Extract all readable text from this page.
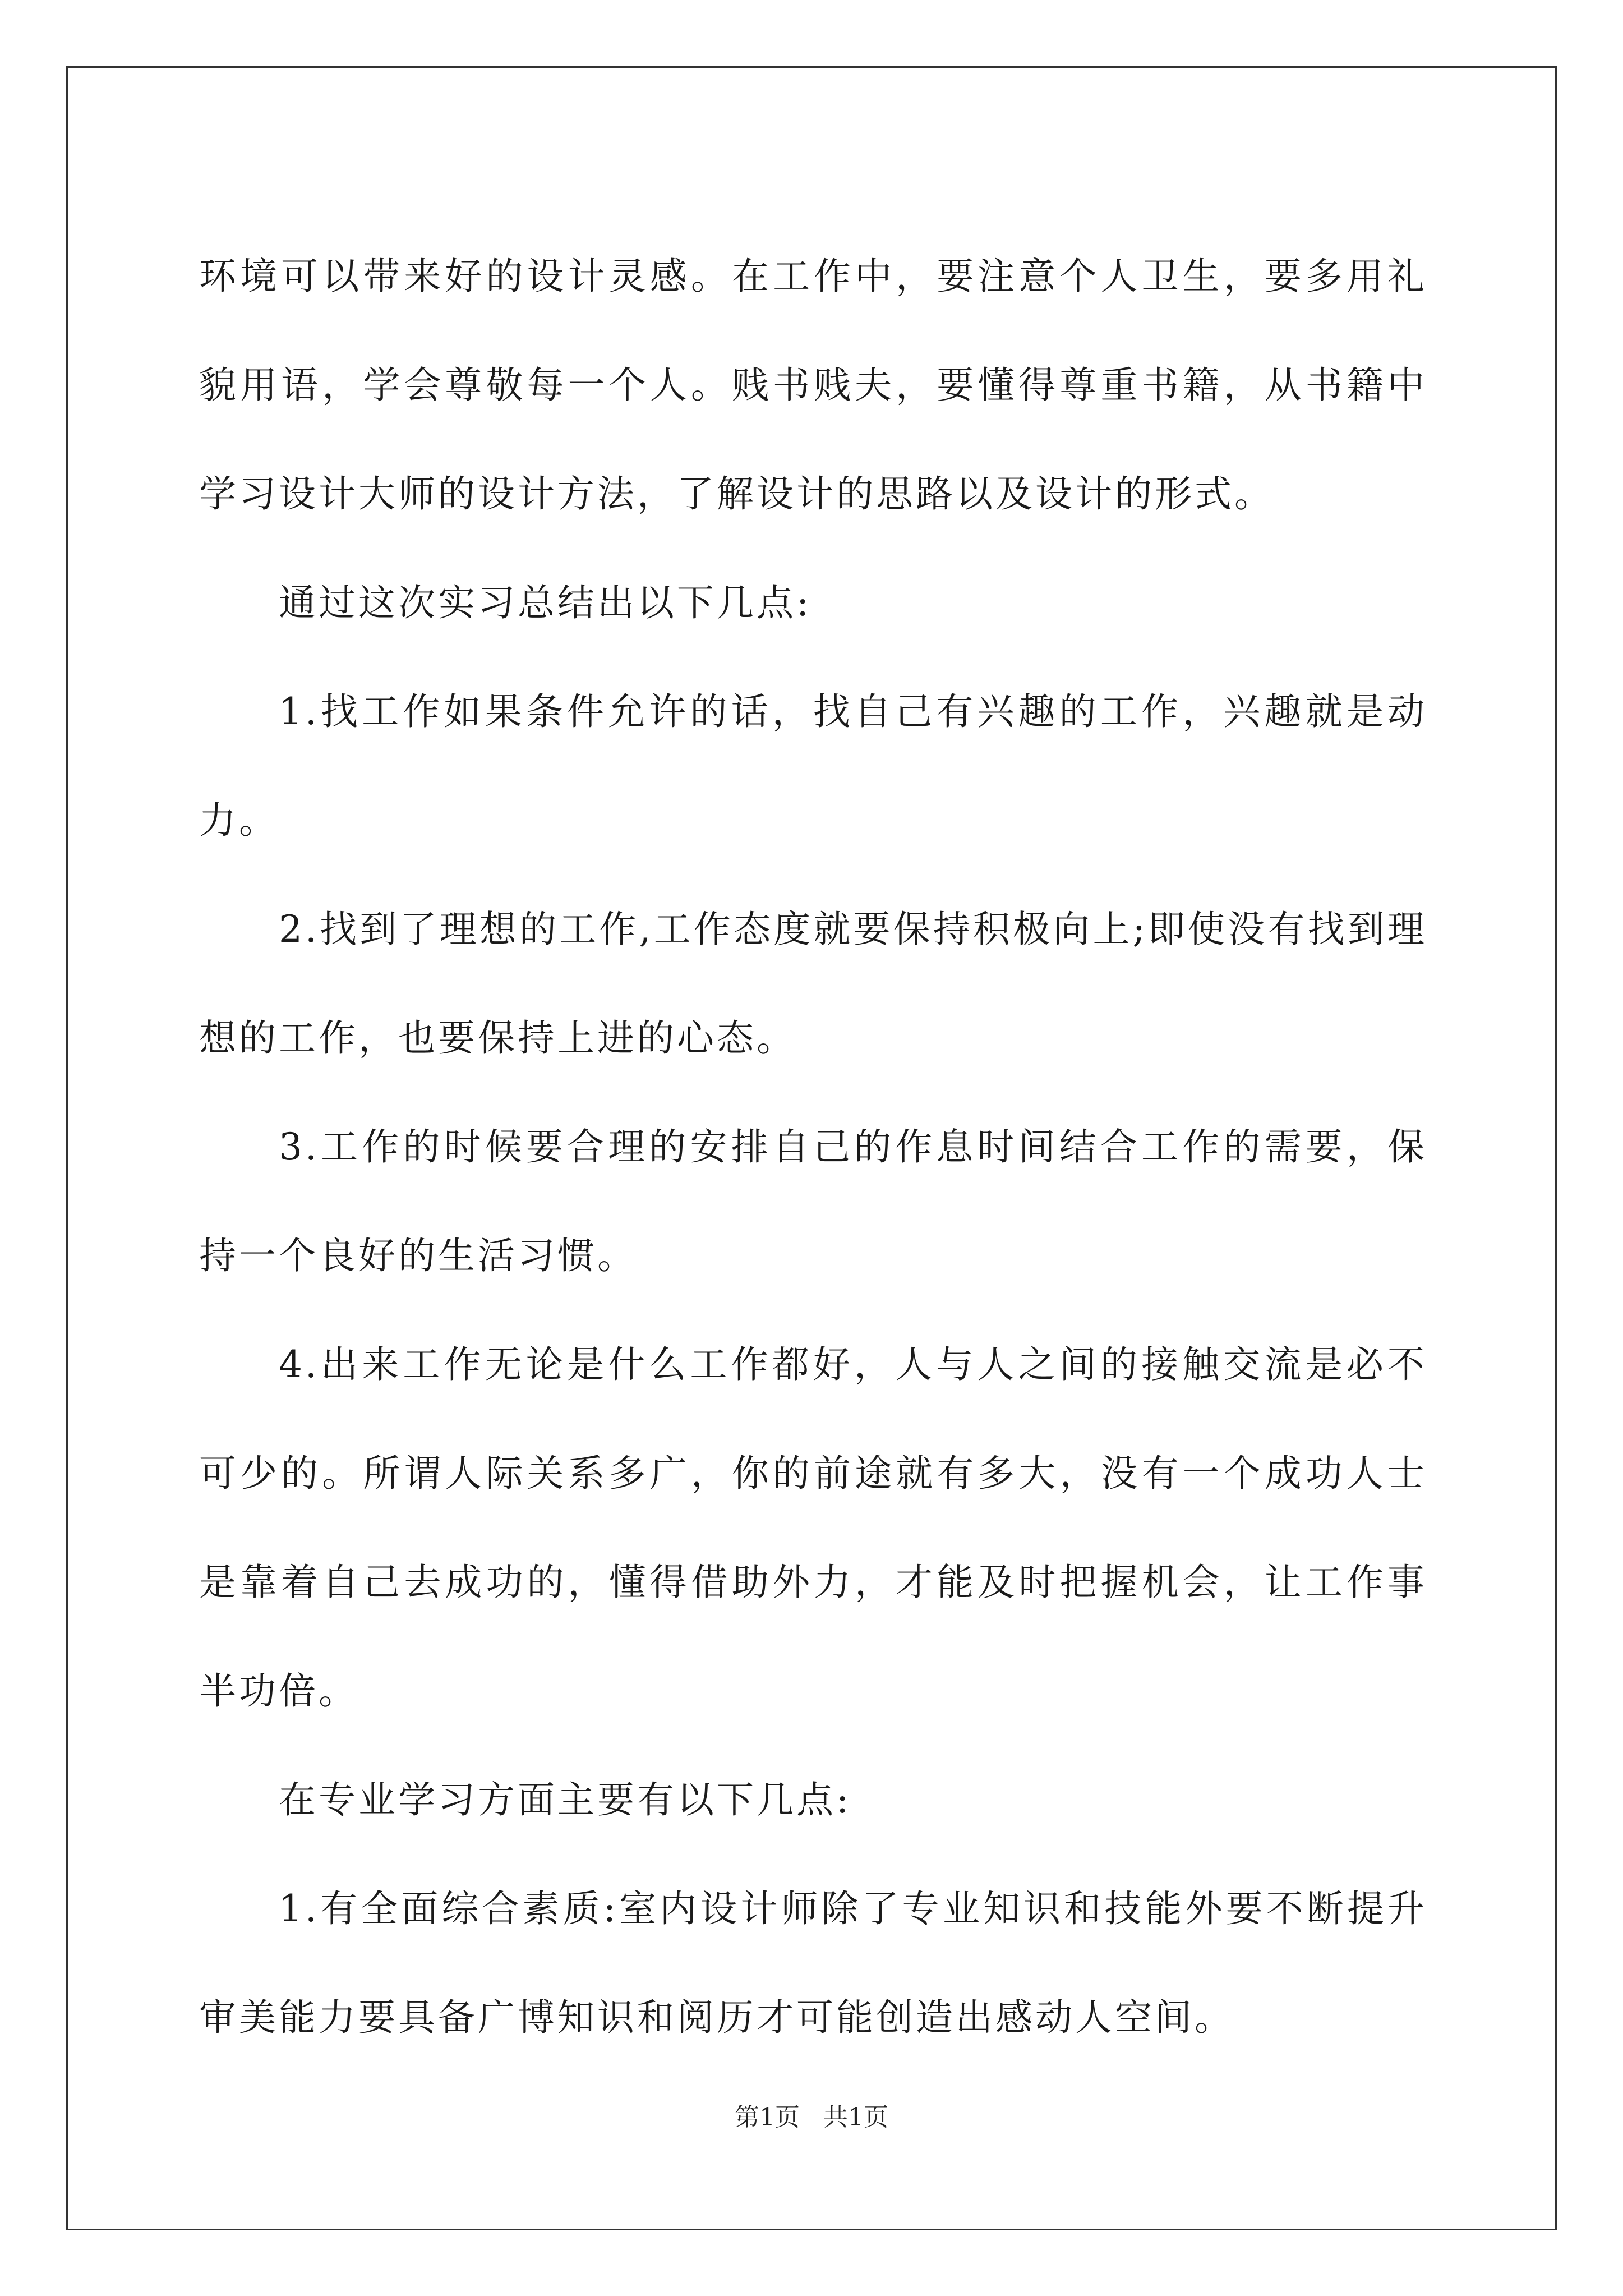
环境可以带来好的设计灵感。在工作中，要注意个人卫生，要多用礼貌用语，学会尊敬每一个人。贱书贱夫，要懂得尊重书籍，从书籍中学习设计大师的设计方法，了解设计的思路以及设计的形式。

通过这次实习总结出以下几点:

1.找工作如果条件允许的话，找自己有兴趣的工作，兴趣就是动力。

2.找到了理想的工作,工作态度就要保持积极向上;即使没有找到理想的工作，也要保持上进的心态。

3.工作的时候要合理的安排自己的作息时间结合工作的需要，保持一个良好的生活习惯。

4.出来工作无论是什么工作都好，人与人之间的接触交流是必不可少的。所谓人际关系多广，你的前途就有多大，没有一个成功人士是靠着自己去成功的，懂得借助外力，才能及时把握机会，让工作事半功倍。

在专业学习方面主要有以下几点:

1.有全面综合素质:室内设计师除了专业知识和技能外要不断提升审美能力要具备广博知识和阅历才可能创造出感动人空间。

第1页 共1页
